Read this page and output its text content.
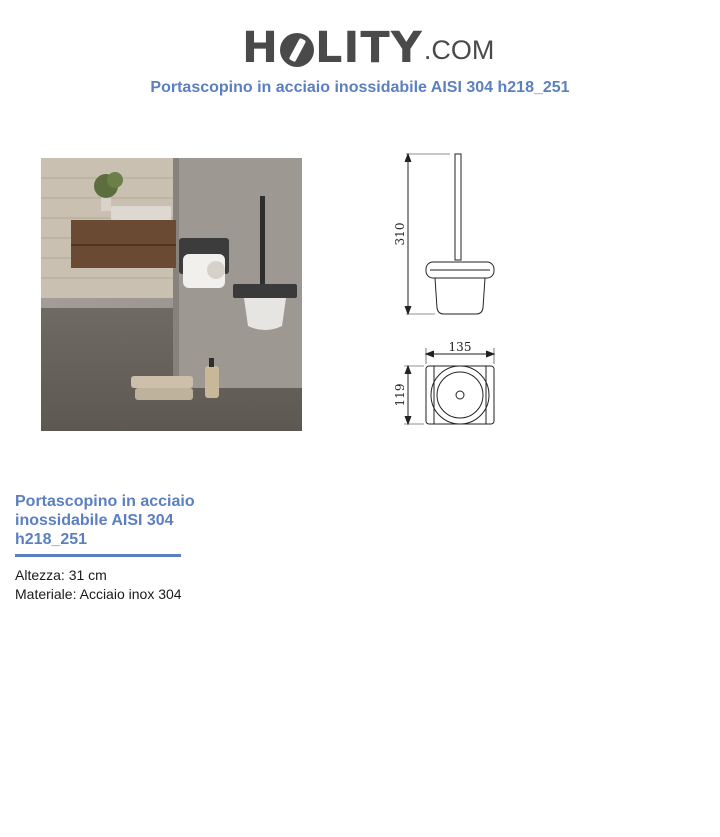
H LITY .COM
Portascopino in acciaio inossidabile AISI 304 h218_251
310
135
119
Portascopino in acciaio inossidabile AISI 304 h218_251
Altezza: 31 cm
Materiale: Acciaio inox 304
